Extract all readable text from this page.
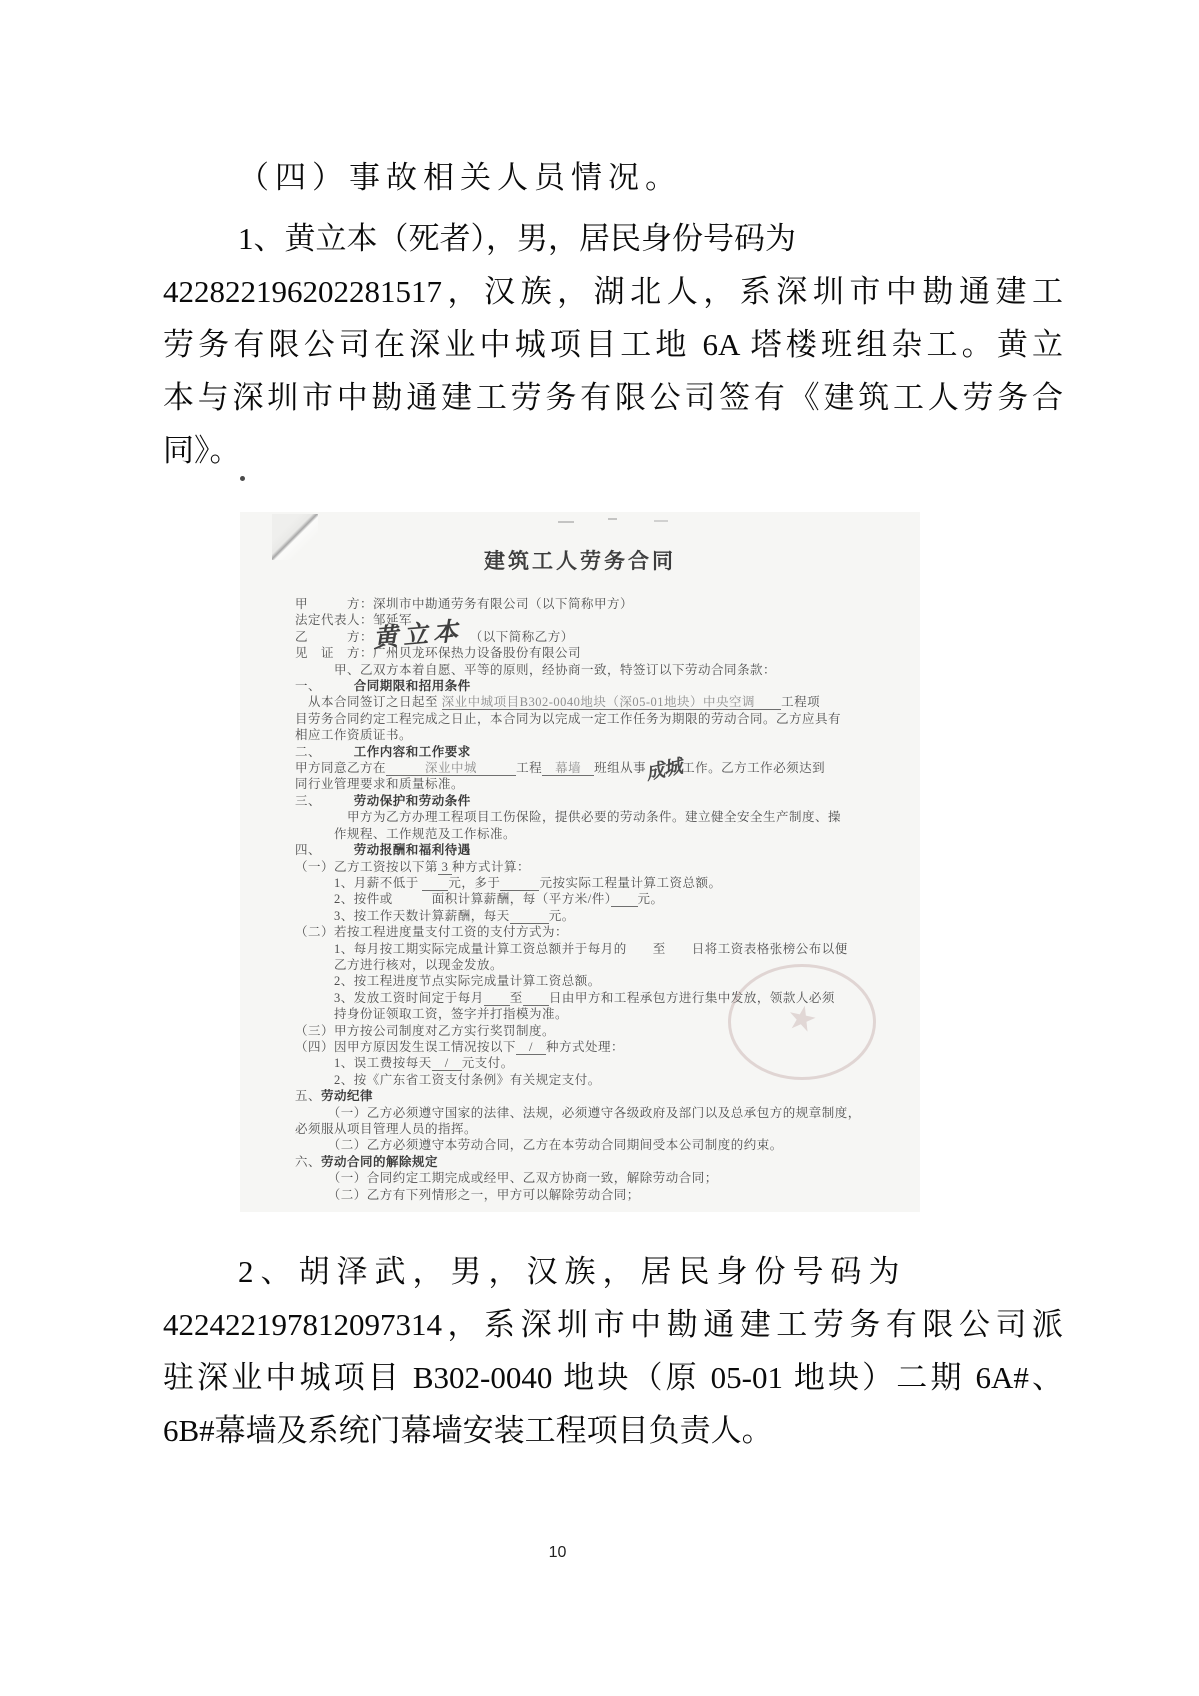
（四）事故相关人员情况。
1、黄立本（死者），男，居民身份号码为
422822196202281517，汉族，湖北人，系深圳市中勘通建工
劳务有限公司在深业中城项目工地 6A 塔楼班组杂工。黄立
本与深圳市中勘通建工劳务有限公司签有《建筑工人劳务合
同》。
建筑工人劳务合同
甲　　　方：深圳市中勘通劳务有限公司（以下简称甲方）
法定代表人：邹延军
乙　　　方：黄立本　（以下简称乙方）
见　证　方：广州贝龙环保热力设备股份有限公司
　　　甲、乙双方本着自愿、平等的原则，经协商一致，特签订以下劳动合同条款：
一、　　　合同期限和招用条件
　从本合同签订之日起至 深业中城项目B302-0040地块（深05-01地块）中央空调　　 工程项
目劳务合同约定工程完成之日止，本合同为以完成一定工作任务为期限的劳动合同。乙方应具有
相应工作资质证书。
二、　　　工作内容和工作要求
甲方同意乙方在　　　	深业中城　　　	工程　幕墙　班组从事成城工作。乙方工作必须达到
同行业管理要求和质量标准。
三、　　　劳动保护和劳动条件
　　　　甲方为乙方办理工程项目工伤保险，提供必要的劳动条件。建立健全安全生产制度、操
　　　作规程、工作规范及工作标准。
四、　　　劳动报酬和福利待遇
（一）乙方工资按以下第 3 种方式计算：
　　　1、月薪不低于 　　元，多于　　　	元按实际工程量计算工资总额。
　　　2、按件或　　　面积计算薪酬，每（平方米/件）　　 元。
　　　3、按工作天数计算薪酬，每天　　　	元。
（二）若按工程进度量支付工资的支付方式为：
　　　1、每月按工期实际完成量计算工资总额并于每月的　　至　　日将工资表格张榜公布以便
　　　乙方进行核对，以现金发放。
　　　2、按工程进度节点实际完成量计算工资总额。
　　　3、发放工资时间定于每月　　 至　　 日由甲方和工程承包方进行集中发放，领款人必须
　　　持身份证领取工资，签字并打指模为准。
（三）甲方按公司制度对乙方实行奖罚制度。
（四）因甲方原因发生误工情况按以下　/　种方式处理：
　　　1、误工费按每天　/　元支付。
　　　2、按《广东省工资支付条例》有关规定支付。
五、劳动纪律
　　　（一）乙方必须遵守国家的法律、法规，必须遵守各级政府及部门以及总承包方的规章制度，
必须服从项目管理人员的指挥。
　　　（二）乙方必须遵守本劳动合同，乙方在本劳动合同期间受本公司制度的约束。
六、劳动合同的解除规定
　　　（一）合同约定工期完成或经甲、乙双方协商一致，解除劳动合同；
　　　（二）乙方有下列情形之一，甲方可以解除劳动合同；
★
2、胡泽武，男，汉族，居民身份号码为
422422197812097314，系深圳市中勘通建工劳务有限公司派
驻深业中城项目 B302-0040 地块（原 05-01 地块）二期 6A#、
6B#幕墙及系统门幕墙安装工程项目负责人。
10
